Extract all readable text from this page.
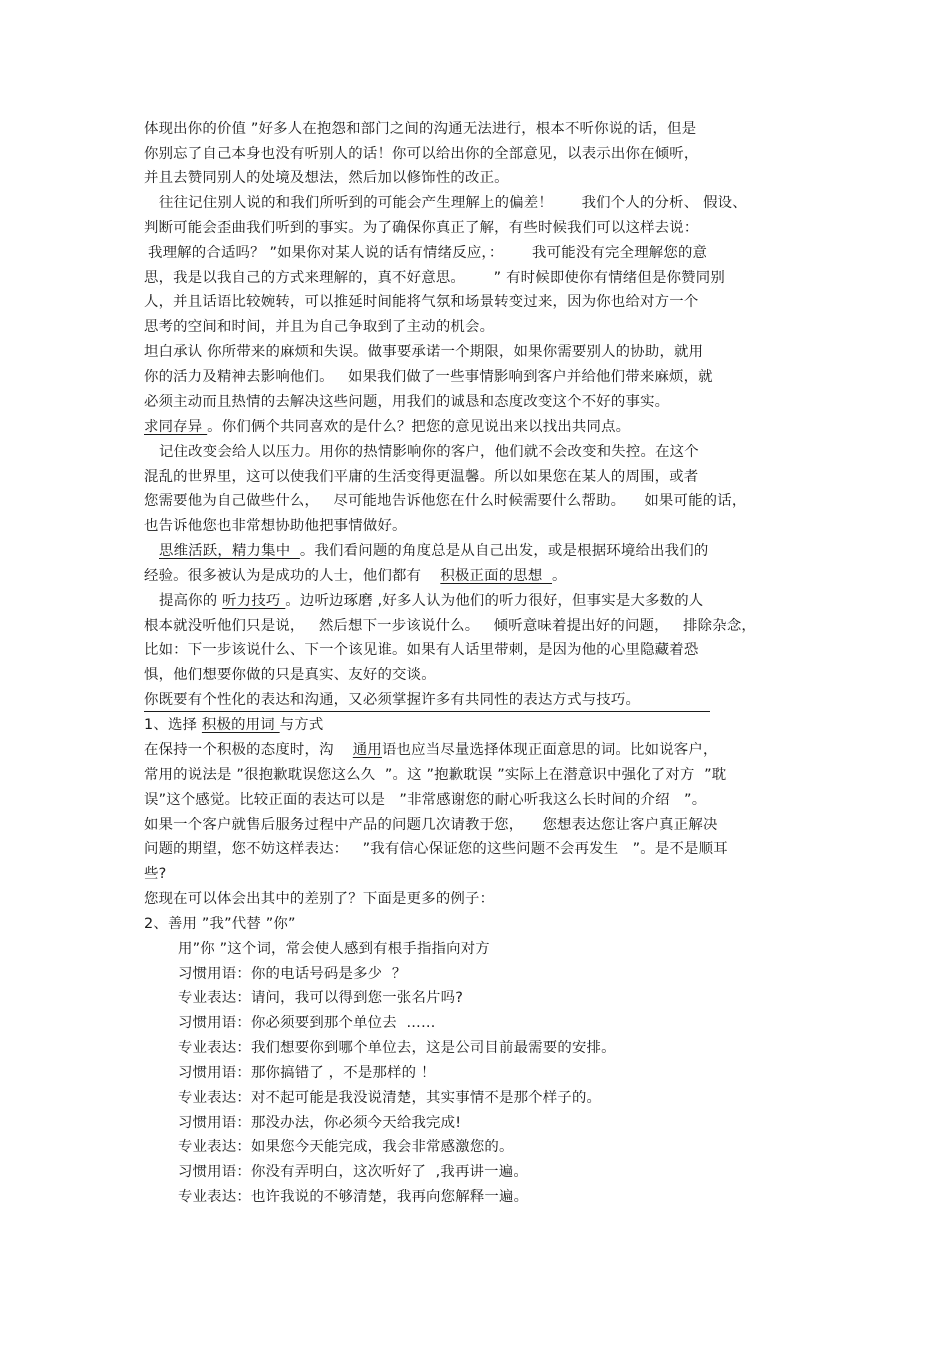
体现出你的价值 ”好多人在抱怨和部门之间的沟通无法进行，根本不听你说的话，但是
你别忘了自己本身也没有听别人的话！你可以给出你的全部意见，以表示出你在倾听，
并且去赞同别人的处境及想法，然后加以修饰性的改正。
往往记住别人说的和我们所听到的可能会产生理解上的偏差！      我们个人的分析、 假设、
判断可能会歪曲我们听到的事实。为了确保你真正了解，有些时候我们可以这样去说：
我理解的合适吗？ ”如果你对某人说的话有情绪反应，：      我可能没有完全理解您的意
思，我是以我自己的方式来理解的，真不好意思。      ” 有时候即使你有情绪但是你赞同别
人，并且话语比较婉转，可以推延时间能将气氛和场景转变过来，因为你也给对方一个
思考的空间和时间，并且为自己争取到了主动的机会。
坦白承认 你所带来的麻烦和失误。做事要承诺一个期限，如果你需要别人的协助，就用
你的活力及精神去影响他们。   如果我们做了一些事情影响到客户并给他们带来麻烦，就
必须主动而且热情的去解决这些问题，用我们的诚恳和态度改变这个不好的事实。
求同存异 。你们俩个共同喜欢的是什么？把您的意见说出来以找出共同点。
记住改变会给人以压力。用你的热情影响你的客户，他们就不会改变和失控。在这个
混乱的世界里，这可以使我们平庸的生活变得更温馨。所以如果您在某人的周围，或者
您需要他为自己做些什么，   尽可能地告诉他您在什么时候需要什么帮助。    如果可能的话，
也告诉他您也非常想协助他把事情做好。
思维活跃，精力集中  。我们看问题的角度总是从自己出发，或是根据环境给出我们的
经验。很多被认为是成功的人士，他们都有    积极正面的思想  。
提高你的 听力技巧 。边听边琢磨 ,好多人认为他们的听力很好，但事实是大多数的人
根本就没听他们只是说，   然后想下一步该说什么。   倾听意味着提出好的问题，   排除杂念，
比如：下一步该说什么、下一个该见谁。如果有人话里带刺，是因为他的心里隐藏着恐
惧，他们想要你做的只是真实、友好的交谈。
你既要有个性化的表达和沟通，又必须掌握许多有共同性的表达方式与技巧。
1、选择 积极的用词 与方式
在保持一个积极的态度时，沟    通用语也应当尽量选择体现正面意思的词。比如说客户，
常用的说法是 ”很抱歉耽误您这么久  ”。这 ”抱歉耽误 ”实际上在潜意识中强化了对方  ”耽
误”这个感觉。比较正面的表达可以是   ”非常感谢您的耐心听我这么长时间的介绍   ”。
如果一个客户就售后服务过程中产品的问题几次请教于您，    您想表达您让客户真正解决
问题的期望，您不妨这样表达：   ”我有信心保证您的这些问题不会再发生   ”。是不是顺耳
些?
您现在可以体会出其中的差别了？下面是更多的例子：
2、善用 ”我”代替 ”你”
用”你 ”这个词，常会使人感到有根手指指向对方
习惯用语：你的电话号码是多少  ？
专业表达：请问，我可以得到您一张名片吗?
习惯用语：你必须要到那个单位去  ……
专业表达：我们想要你到哪个单位去，这是公司目前最需要的安排。
习惯用语：那你搞错了 ，不是那样的 ！
专业表达：对不起可能是我没说清楚，其实事情不是那个样子的。
习惯用语：那没办法，你必须今天给我完成!
专业表达：如果您今天能完成，我会非常感激您的。
习惯用语：你没有弄明白，这次听好了  ,我再讲一遍。
专业表达：也许我说的不够清楚，我再向您解释一遍。
